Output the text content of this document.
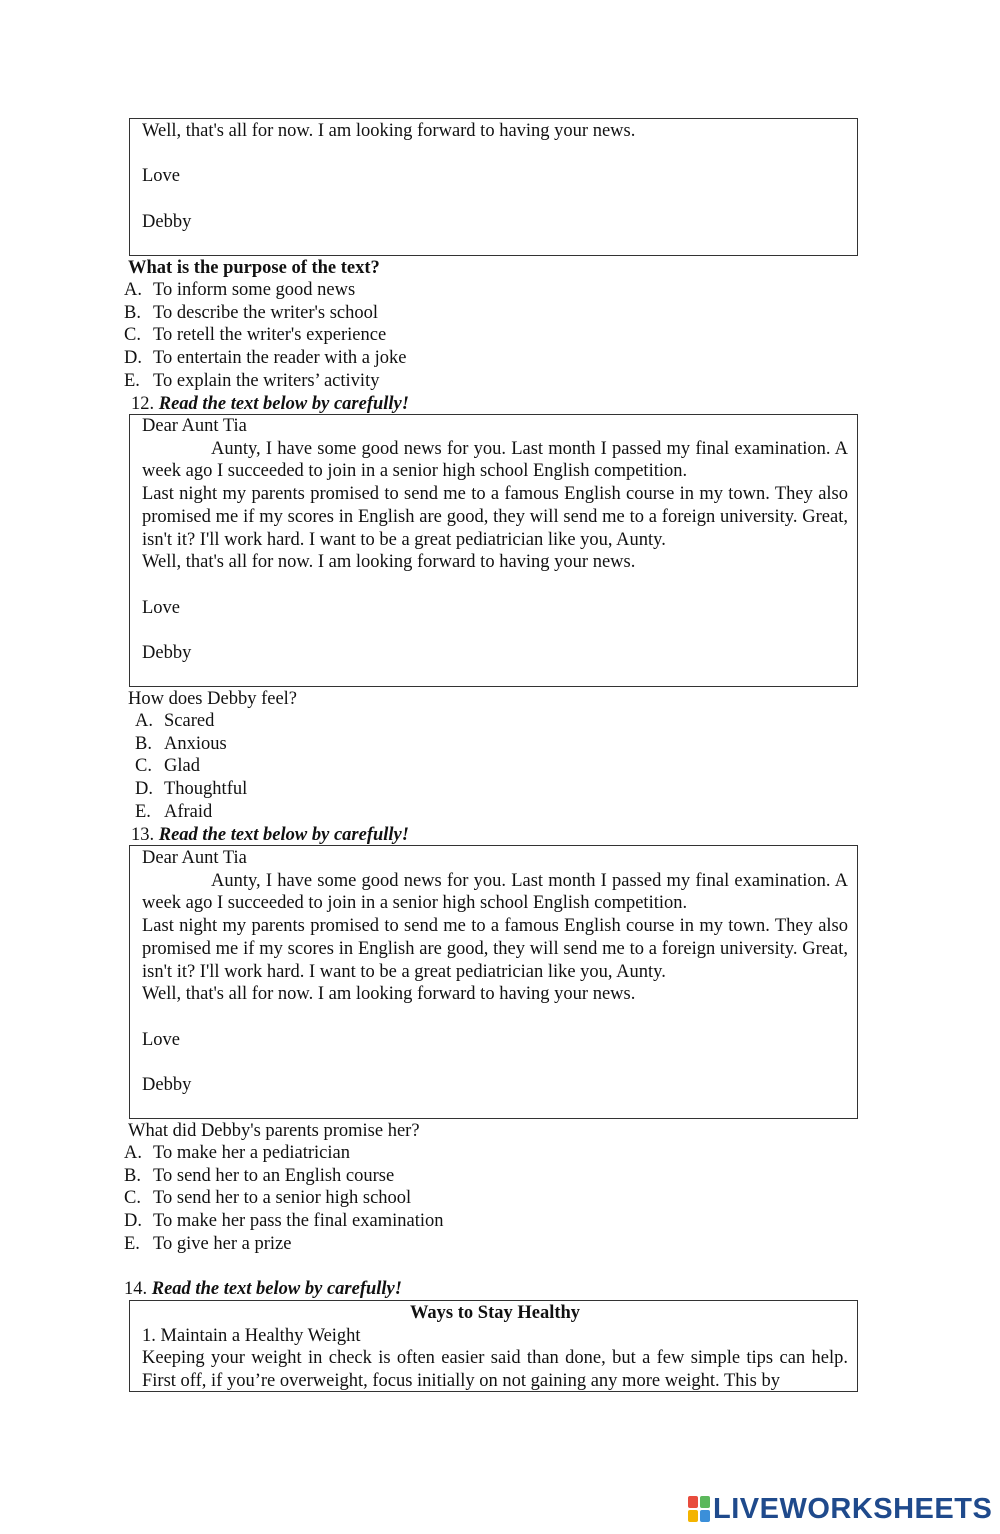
Well, that's all for now. I am looking forward to having your news.

Love

Debby

What is the purpose of the text?

A. To inform some good news
B. To describe the writer's school
C. To retell the writer's experience
D. To entertain the reader with a joke
E. To explain the writers’ activity

12. Read the text below by carefully!

Dear Aunt Tia

Aunty, I have some good news for you. Last month I passed my final examination. A week ago I succeeded to join in a senior high school English competition.

Last night my parents promised to send me to a famous English course in my town. They also promised me if my scores in English are good, they will send me to a foreign university. Great, isn't it? I'll work hard. I want to be a great pediatrician like you, Aunty.

Well, that's all for now. I am looking forward to having your news.

Love

Debby

How does Debby feel?

A. Scared
B. Anxious
C. Glad
D. Thoughtful
E. Afraid

13. Read the text below by carefully!

Dear Aunt Tia

Aunty, I have some good news for you. Last month I passed my final examination. A week ago I succeeded to join in a senior high school English competition.

Last night my parents promised to send me to a famous English course in my town. They also promised me if my scores in English are good, they will send me to a foreign university. Great, isn't it? I'll work hard. I want to be a great pediatrician like you, Aunty.

Well, that's all for now. I am looking forward to having your news.

Love

Debby

What did Debby's parents promise her?

A. To make her a pediatrician
B. To send her to an English course
C. To send her to a senior high school
D. To make her pass the final examination
E. To give her a prize

14. Read the text below by carefully!

Ways to Stay Healthy

1. Maintain a Healthy Weight

Keeping your weight in check is often easier said than done, but a few simple tips can help. First off, if you’re overweight, focus initially on not gaining any more weight. This by

LIVEWORKSHEETS
